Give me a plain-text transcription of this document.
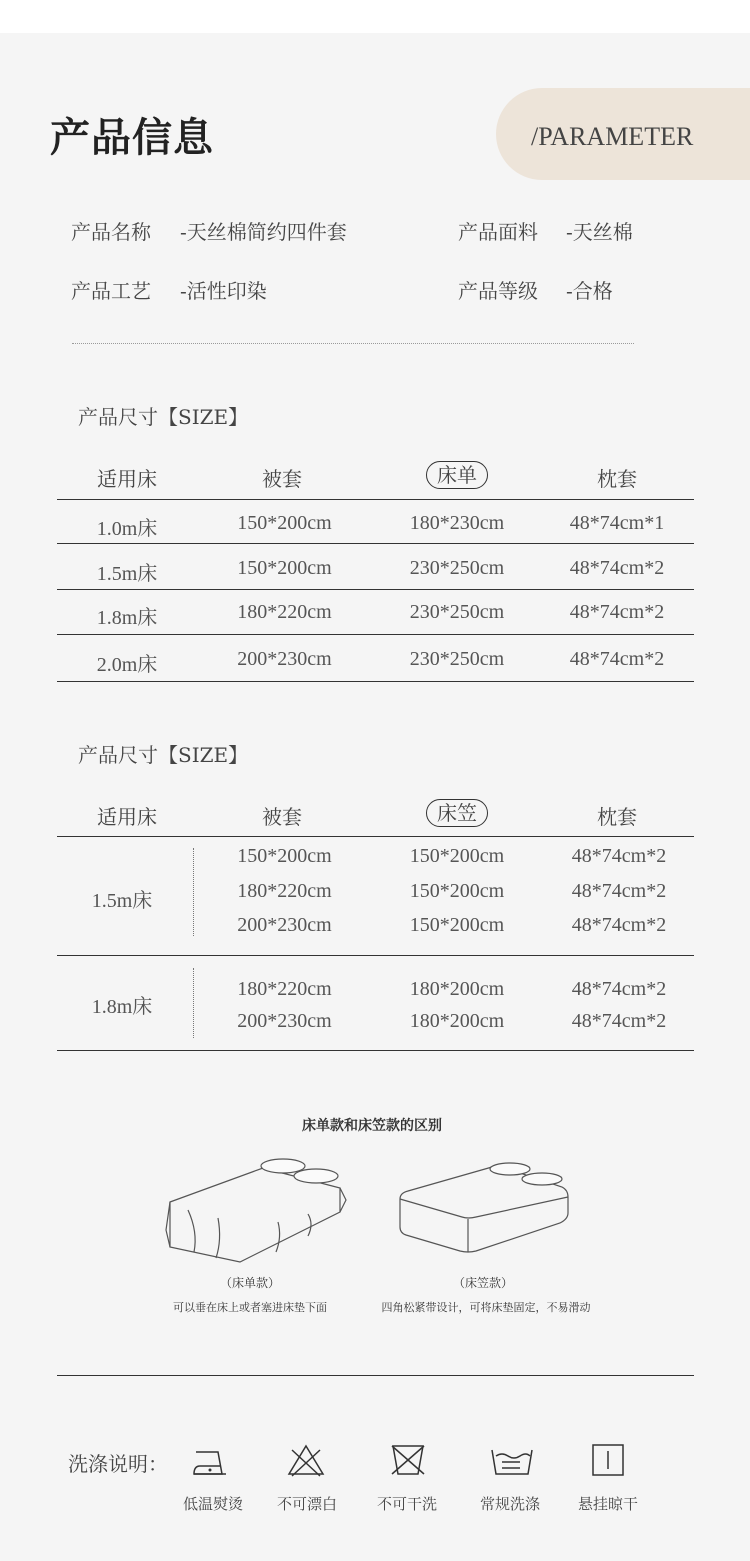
产品信息	/PARAMETER
产品名称 -天丝棉简约四件套	产品面料 -天丝棉
产品工艺 -活性印染	产品等级 -合格
产品尺寸【SIZE】
适用床	被套	床单	枕套
1.0m床	150*200cm	180*230cm	48*74cm*1
1.5m床	150*200cm	230*250cm	48*74cm*2
1.8m床	180*220cm	230*250cm	48*74cm*2
2.0m床	200*230cm	230*250cm	48*74cm*2
产品尺寸【SIZE】
适用床	被套	床笠	枕套
1.5m床
150*200cm	150*200cm	48*74cm*2
180*220cm	150*200cm	48*74cm*2
200*230cm	150*200cm	48*74cm*2
1.8m床
180*220cm	180*200cm	48*74cm*2
200*230cm	180*200cm	48*74cm*2
床单款和床笠款的区别
（床单款）
可以垂在床上或者塞进床垫下面
（床笠款）
四角松紧带设计，可将床垫固定，不易滑动
洗涤说明：
低温熨烫	不可漂白	不可干洗	常规洗涤	悬挂晾干
